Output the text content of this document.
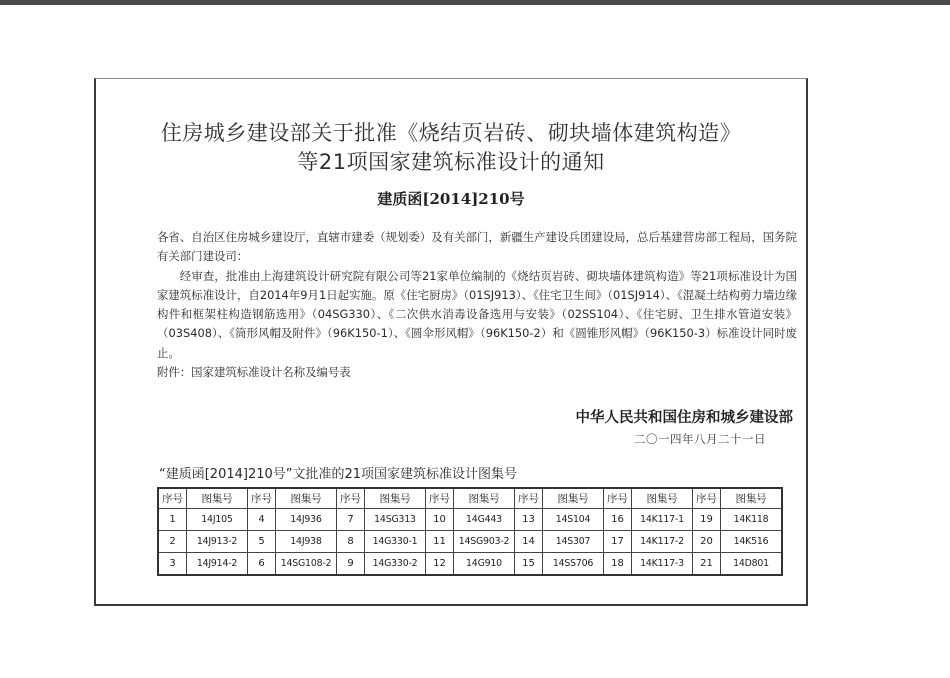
住房城乡建设部关于批准《烧结页岩砖、砌块墙体建筑构造》
等21项国家建筑标准设计的通知
建质函[2014]210号

各省、自治区住房城乡建设厅，直辖市建委（规划委）及有关部门，新疆生产建设兵团建设局，总后基建营房部工程局，国务院有关部门建设司：

经审查，批准由上海建筑设计研究院有限公司等21家单位编制的《烧结页岩砖、砌块墙体建筑构造》等21项标准设计为国家建筑标准设计，自2014年9月1日起实施。原《住宅厨房》（01SJ913）、《住宅卫生间》（01SJ914）、《混凝土结构剪力墙边缘构件和框架柱构造钢筋选用》（04SG330）、《二次供水消毒设备选用与安装》（02SS104）、《住宅厨、卫生排水管道安装》（03S408）、《筒形风帽及附件》（96K150-1）、《圆伞形风帽》（96K150-2）和《圆锥形风帽》（96K150-3）标准设计同时废止。

附件：国家建筑标准设计名称及编号表

中华人民共和国住房和城乡建设部
二〇一四年八月二十一日
“建质函[2014]210号”文批准的21项国家建筑标准设计图集号
序号	图集号	序号	图集号	序号	图集号	序号	图集号	序号	图集号	序号	图集号	序号	图集号
1	14J105	4	14J936	7	14SG313	10	14G443	13	14S104	16	14K117-1	19	14K118
2	14J913-2	5	14J938	8	14G330-1	11	14SG903-2	14	14S307	17	14K117-2	20	14K516
3	14J914-2	6	14SG108-2	9	14G330-2	12	14G910	15	14SS706	18	14K117-3	21	14D801
